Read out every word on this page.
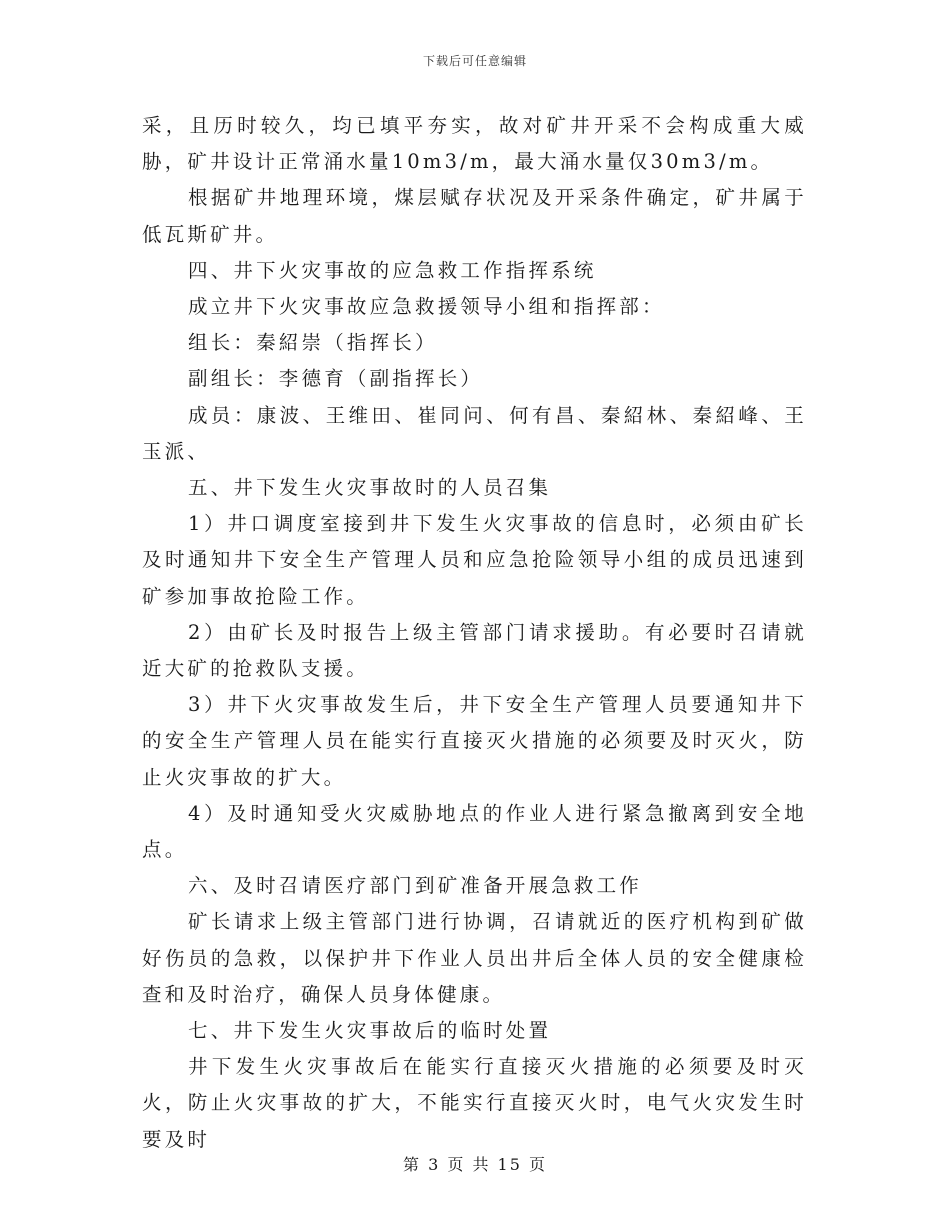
下载后可任意编辑

采，且历时较久，均已填平夯实，故对矿井开采不会构成重大威胁，矿井设计正常涌水量10m3/m，最大涌水量仅30m3/m。

根据矿井地理环境，煤层赋存状况及开采条件确定，矿井属于低瓦斯矿井。

四、井下火灾事故的应急救工作指挥系统

成立井下火灾事故应急救援领导小组和指挥部：

组长：秦紹崇（指挥长）

副组长：李德育（副指挥长）

成员：康波、王维田、崔同问、何有昌、秦紹林、秦紹峰、王玉派、

五、井下发生火灾事故时的人员召集

1）井口调度室接到井下发生火灾事故的信息时，必须由矿长及时通知井下安全生产管理人员和应急抢险领导小组的成员迅速到矿参加事故抢险工作。

2）由矿长及时报告上级主管部门请求援助。有必要时召请就近大矿的抢救队支援。

3）井下火灾事故发生后，井下安全生产管理人员要通知井下的安全生产管理人员在能实行直接灭火措施的必须要及时灭火，防止火灾事故的扩大。

4）及时通知受火灾威胁地点的作业人进行紧急撤离到安全地点。

六、及时召请医疗部门到矿准备开展急救工作

矿长请求上级主管部门进行协调，召请就近的医疗机构到矿做好伤员的急救，以保护井下作业人员出井后全体人员的安全健康检查和及时治疗，确保人员身体健康。

七、井下发生火灾事故后的临时处置

井下发生火灾事故后在能实行直接灭火措施的必须要及时灭火，防止火灾事故的扩大，不能实行直接灭火时，电气火灾发生时要及时

第 3 页 共 15 页
